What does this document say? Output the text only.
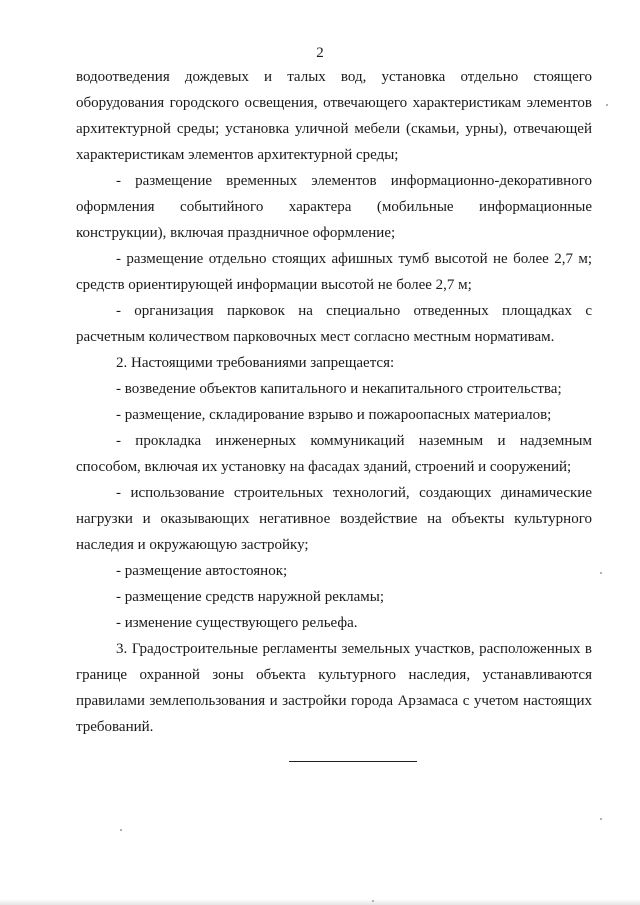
2
водоотведения дождевых и талых вод, установка отдельно стоящего
оборудования городского освещения, отвечающего характеристикам элементов
архитектурной среды; установка уличной мебели (скамьи, урны), отвечающей
характеристикам элементов архитектурной среды;
- размещение временных элементов информационно-декоративного
оформления событийного характера (мобильные информационные
конструкции), включая праздничное оформление;
- размещение отдельно стоящих афишных тумб высотой не более 2,7 м;
средств ориентирующей информации высотой не более 2,7 м;
- организация парковок на специально отведенных площадках с
расчетным количеством парковочных мест согласно местным нормативам.
2. Настоящими требованиями запрещается:
- возведение объектов капитального и некапитального строительства;
- размещение, складирование взрыво и пожароопасных материалов;
- прокладка инженерных коммуникаций наземным и надземным
способом, включая их установку на фасадах зданий, строений и сооружений;
- использование строительных технологий, создающих динамические
нагрузки и оказывающих негативное воздействие на объекты культурного
наследия и окружающую застройку;
- размещение автостоянок;
- размещение средств наружной рекламы;
- изменение существующего рельефа.
3. Градостроительные регламенты земельных участков, расположенных в
границе охранной зоны объекта культурного наследия, устанавливаются
правилами землепользования и застройки города Арзамаса с учетом настоящих
требований.
